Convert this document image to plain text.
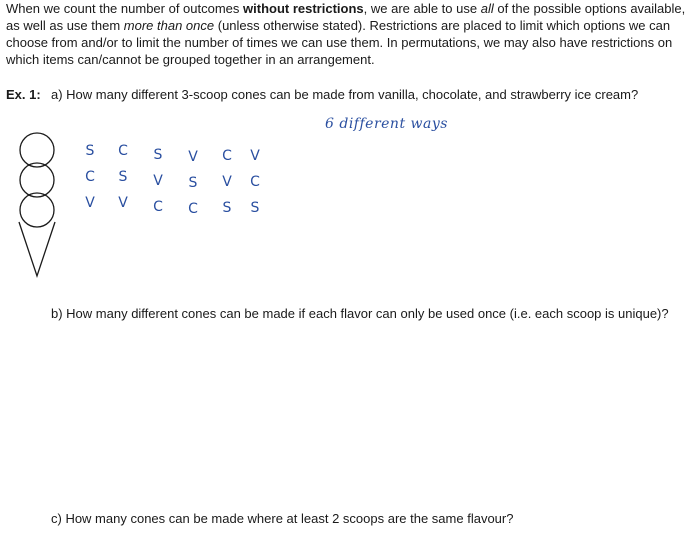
When we count the number of outcomes without restrictions, we are able to use all of the possible options available, as well as use them more than once (unless otherwise stated). Restrictions are placed to limit which options we can choose from and/or to limit the number of times we can use them. In permutations, we may also have restrictions on which items can/cannot be grouped together in an arrangement.

Ex. 1: a) How many different 3-scoop cones can be made from vanilla, chocolate, and strawberry ice cream?
6 different ways
S
C
V
C
S
V
S
V
C
V
S
C
C
V
S
V
C
S
b) How many different cones can be made if each flavor can only be used once (i.e. each scoop is unique)?
c) How many cones can be made where at least 2 scoops are the same flavour?
